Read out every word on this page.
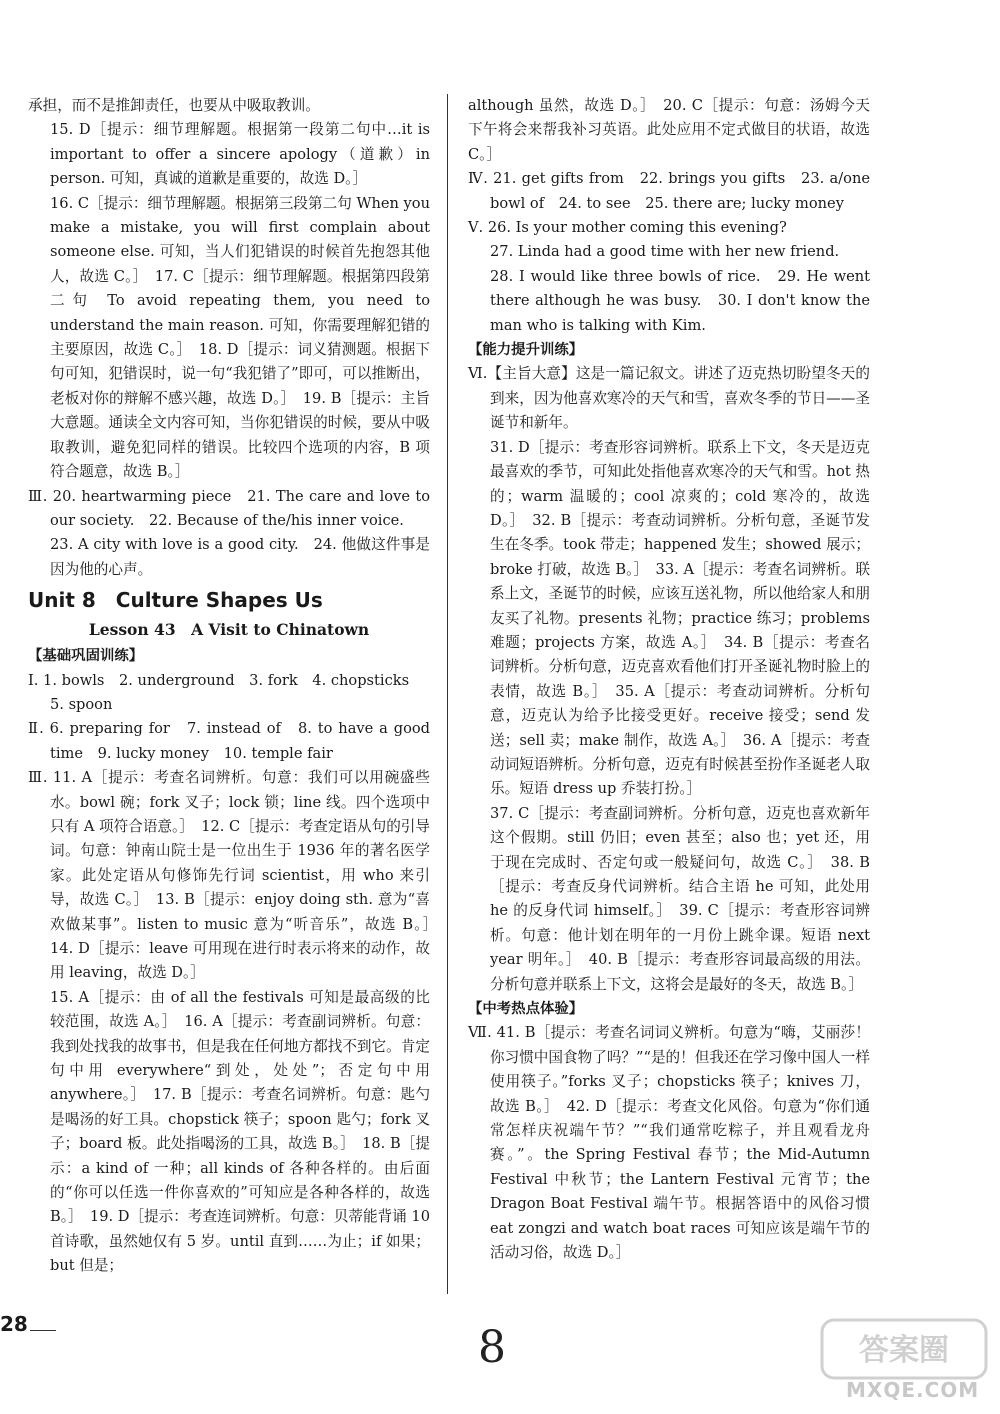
承担，而不是推卸责任，也要从中吸取教训。

15. D［提示：细节理解题。根据第一段第二句中…it is important to offer a sincere apology（道歉）in person. 可知，真诚的道歉是重要的，故选 D。］

16. C［提示：细节理解题。根据第三段第二句 When you make a mistake, you will first complain about someone else. 可知，当人们犯错误的时候首先抱怨其他人，故选 C。］　17. C［提示：细节理解题。根据第四段第二句 To avoid repeating them, you need to understand the main reason. 可知，你需要理解犯错的主要原因，故选 C。］　18. D［提示：词义猜测题。根据下句可知，犯错误时，说一句“我犯错了”即可，可以推断出，老板对你的辩解不感兴趣，故选 D。］　19. B［提示：主旨大意题。通读全文内容可知，当你犯错误的时候，要从中吸取教训，避免犯同样的错误。比较四个选项的内容，B 项符合题意，故选 B。］

Ⅲ. 20. heartwarming piece　21. The care and love to our society.　22. Because of the/his inner voice.

23. A city with love is a good city.　24. 他做这件事是因为他的心声。

Unit 8　Culture Shapes Us
Lesson 43　A Visit to Chinatown
【基础巩固训练】

Ⅰ. 1. bowls　2. underground　3. fork　4. chopsticks

5. spoon

Ⅱ. 6. preparing for　7. instead of　8. to have a good time　9. lucky money　10. temple fair

Ⅲ. 11. A［提示：考查名词辨析。句意：我们可以用碗盛些水。bowl 碗；fork 叉子；lock 锁；line 线。四个选项中只有 A 项符合语意。］　12. C［提示：考查定语从句的引导词。句意：钟南山院士是一位出生于 1936 年的著名医学家。此处定语从句修饰先行词 scientist，用 who 来引导，故选 C。］　13. B［提示：enjoy doing sth. 意为“喜欢做某事”。listen to music 意为“听音乐”，故选 B。］　14. D［提示：leave 可用现在进行时表示将来的动作，故用 leaving，故选 D。］

15. A［提示：由 of all the festivals 可知是最高级的比较范围，故选 A。］　16. A［提示：考查副词辨析。句意：我到处找我的故事书，但是我在任何地方都找不到它。肯定句中用 everywhere“到处，处处”；否定句中用 anywhere。］　17. B［提示：考查名词辨析。句意：匙勺是喝汤的好工具。chopstick 筷子；spoon 匙勺；fork 叉子；board 板。此处指喝汤的工具，故选 B。］　18. B［提示：a kind of 一种；all kinds of 各种各样的。由后面的“你可以任选一件你喜欢的”可知应是各种各样的，故选 B。］　19. D［提示：考查连词辨析。句意：贝蒂能背诵 10 首诗歌，虽然她仅有 5 岁。until 直到……为止；if 如果；but 但是；

although 虽然，故选 D。］　20. C［提示：句意：汤姆今天下午将会来帮我补习英语。此处应用不定式做目的状语，故选 C。］

Ⅳ. 21. get gifts from　22. brings you gifts　23. a/one bowl of　24. to see　25. there are; lucky money

Ⅴ. 26. Is your mother coming this evening?

27. Linda had a good time with her new friend.

28. I would like three bowls of rice.　29. He went there although he was busy.　30. I don't know the man who is talking with Kim.

【能力提升训练】

Ⅵ.【主旨大意】这是一篇记叙文。讲述了迈克热切盼望冬天的到来，因为他喜欢寒冷的天气和雪，喜欢冬季的节日——圣诞节和新年。

31. D［提示：考查形容词辨析。联系上下文，冬天是迈克最喜欢的季节，可知此处指他喜欢寒冷的天气和雪。hot 热的；warm 温暖的；cool 凉爽的；cold 寒冷的，故选 D。］　32. B［提示：考查动词辨析。分析句意，圣诞节发生在冬季。took 带走；happened 发生；showed 展示；broke 打破，故选 B。］　33. A［提示：考查名词辨析。联系上文，圣诞节的时候，应该互送礼物，所以他给家人和朋友买了礼物。presents 礼物；practice 练习；problems 难题；projects 方案，故选 A。］　34. B［提示：考查名词辨析。分析句意，迈克喜欢看他们打开圣诞礼物时脸上的表情，故选 B。］　35. A［提示：考查动词辨析。分析句意，迈克认为给予比接受更好。receive 接受；send 发送；sell 卖；make 制作，故选 A。］　36. A［提示：考查动词短语辨析。分析句意，迈克有时候甚至扮作圣诞老人取乐。短语 dress up 乔装打扮。］

37. C［提示：考查副词辨析。分析句意，迈克也喜欢新年这个假期。still 仍旧；even 甚至；also 也；yet 还，用于现在完成时、否定句或一般疑问句，故选 C。］　38. B［提示：考查反身代词辨析。结合主语 he 可知，此处用 he 的反身代词 himself。］　39. C［提示：考查形容词辨析。句意：他计划在明年的一月份上跳伞课。短语 next year 明年。］　40. B［提示：考查形容词最高级的用法。分析句意并联系上下文，这将会是最好的冬天，故选 B。］

【中考热点体验】

Ⅶ. 41. B［提示：考查名词词义辨析。句意为“嗨，艾丽莎！你习惯中国食物了吗？”“是的！但我还在学习像中国人一样使用筷子。”forks 叉子；chopsticks 筷子；knives 刀，故选 B。］　42. D［提示：考查文化风俗。句意为“你们通常怎样庆祝端午节？”“我们通常吃粽子，并且观看龙舟赛。”。the Spring Festival 春节；the Mid-Autumn Festival 中秋节；the Lantern Festival 元宵节；the Dragon Boat Festival 端午节。根据答语中的风俗习惯 eat zongzi and watch boat races 可知应该是端午节的活动习俗，故选 D。］

28	8	答案圈
MXQE.COM
